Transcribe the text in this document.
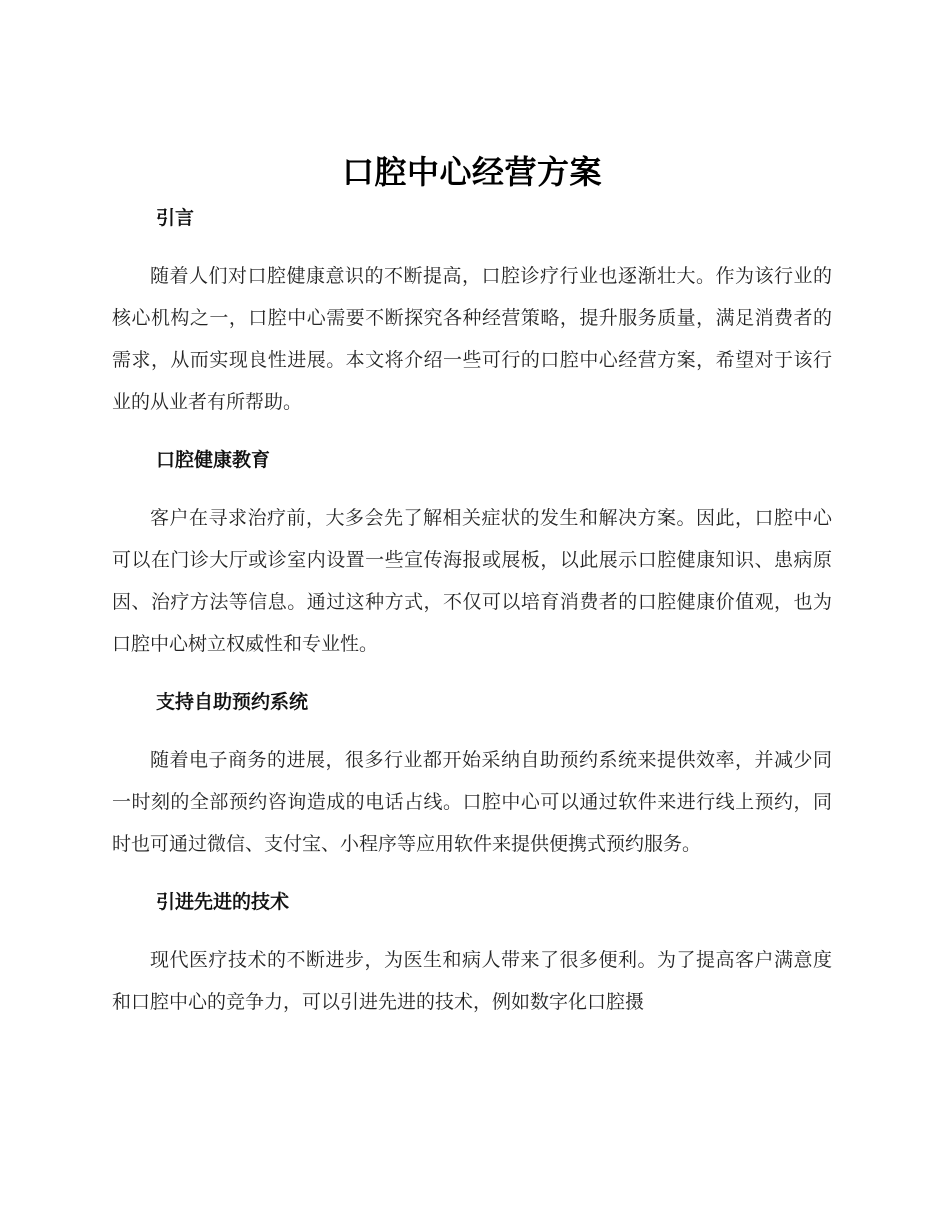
口腔中心经营方案
引言

随着人们对口腔健康意识的不断提高，口腔诊疗行业也逐渐壮大。作为该行业的核心机构之一，口腔中心需要不断探究各种经营策略，提升服务质量，满足消费者的需求，从而实现良性进展。本文将介绍一些可行的口腔中心经营方案，希望对于该行业的从业者有所帮助。

口腔健康教育

客户在寻求治疗前，大多会先了解相关症状的发生和解决方案。因此，口腔中心可以在门诊大厅或诊室内设置一些宣传海报或展板，以此展示口腔健康知识、患病原因、治疗方法等信息。通过这种方式，不仅可以培育消费者的口腔健康价值观，也为口腔中心树立权威性和专业性。

支持自助预约系统

随着电子商务的进展，很多行业都开始采纳自助预约系统来提供效率，并减少同一时刻的全部预约咨询造成的电话占线。口腔中心可以通过软件来进行线上预约，同时也可通过微信、支付宝、小程序等应用软件来提供便携式预约服务。

引进先进的技术

现代医疗技术的不断进步，为医生和病人带来了很多便利。为了提高客户满意度和口腔中心的竞争力，可以引进先进的技术，例如数字化口腔摄
